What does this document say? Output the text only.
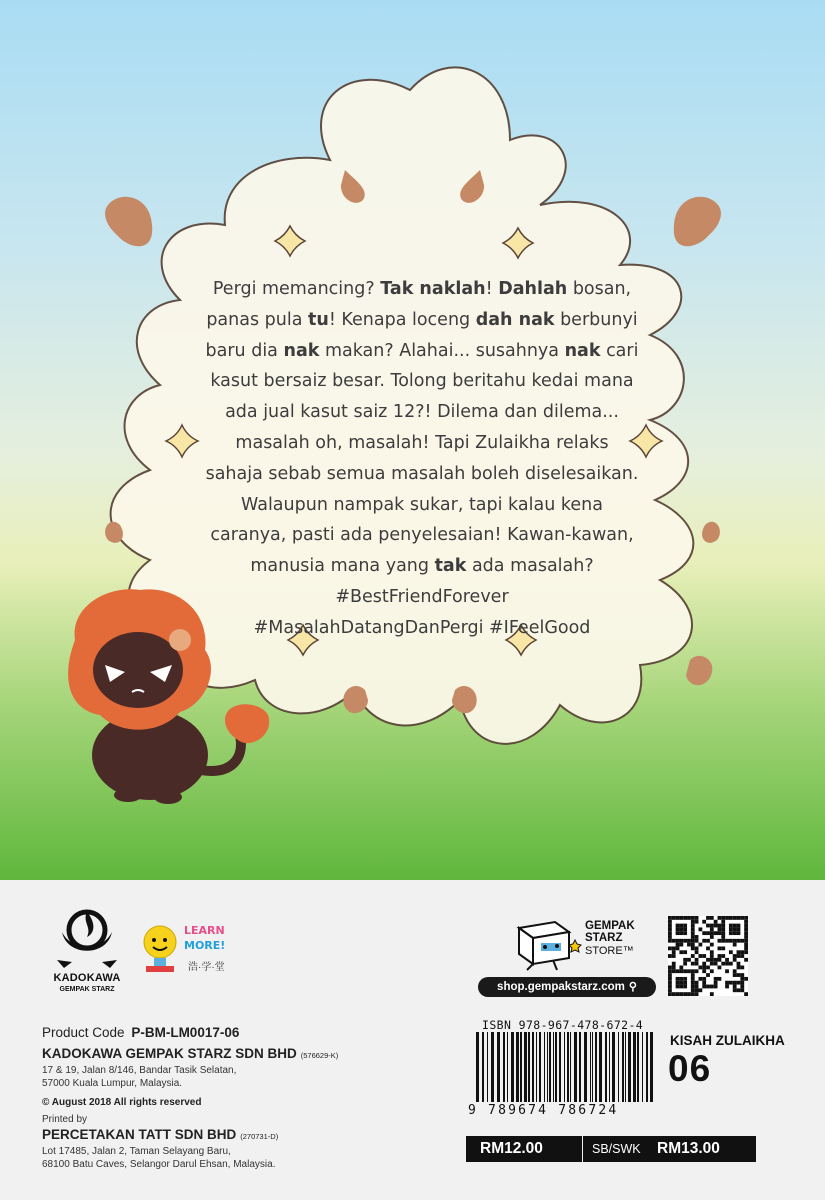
Pergi memancing? Tak naklah! Dahlah bosan,
panas pula tu! Kenapa loceng dah nak berbunyi
baru dia nak makan? Alahai... susahnya nak cari
kasut bersaiz besar. Tolong beritahu kedai mana
ada jual kasut saiz 12?! Dilema dan dilema...
masalah oh, masalah! Tapi Zulaikha relaks
sahaja sebab semua masalah boleh diselesaikan.
Walaupun nampak sukar, tapi kalau kena
caranya, pasti ada penyelesaian! Kawan-kawan,
manusia mana yang tak ada masalah?
#BestFriendForever
#MasalahDatangDanPergi #IFeelGood
KADOKAWA
GEMPAK STARZ
LEARN
MORE!
浩·学·堂
GEMPAK
STARZ
STORE™
shop.gempakstarz.com ⚲
Product Code P-BM-LM0017-06
KADOKAWA GEMPAK STARZ SDN BHD (576629-K)
17 & 19, Jalan 8/146, Bandar Tasik Selatan,
57000 Kuala Lumpur, Malaysia.
© August 2018 All rights reserved
Printed by
PERCETAKAN TATT SDN BHD (270731-D)
Lot 17485, Jalan 2, Taman Selayang Baru,
68100 Batu Caves, Selangor Darul Ehsan, Malaysia.
ISBN 978-967-478-672-4
9 789674 786724
KISAH ZULAIKHA
06
RM12.00	SB/SWK RM13.00
